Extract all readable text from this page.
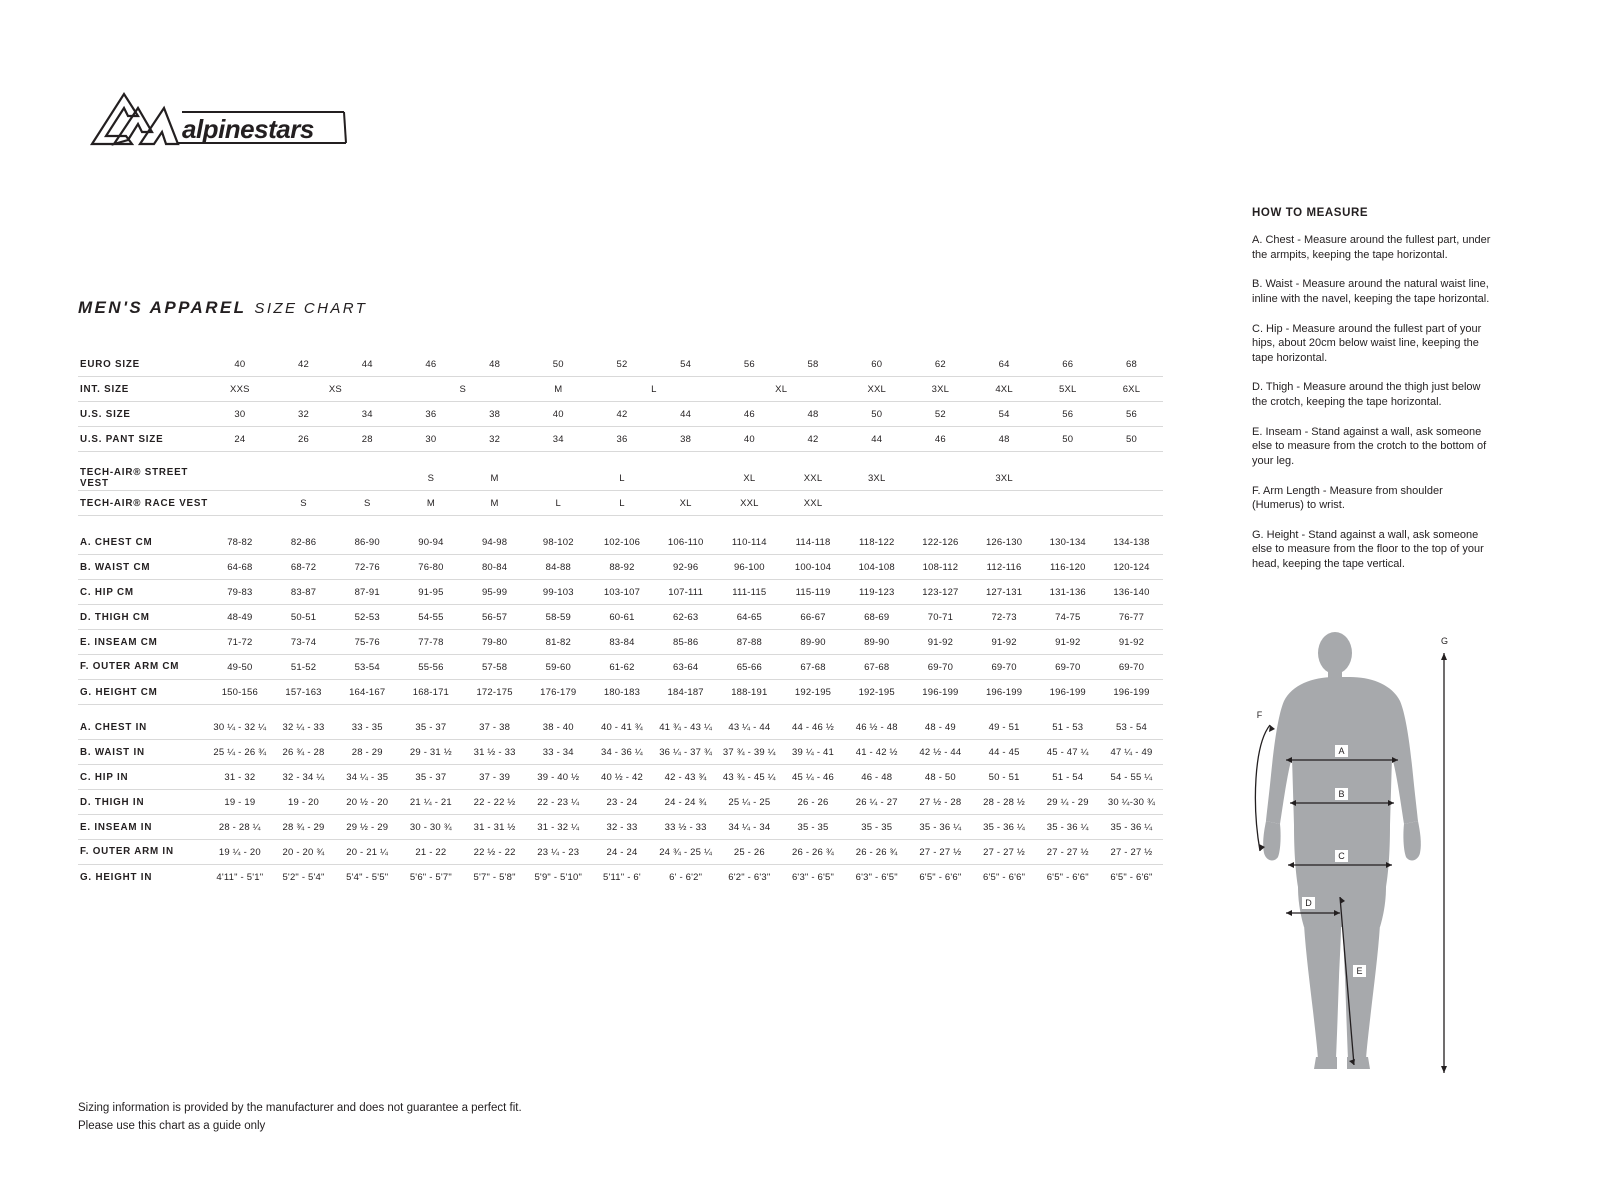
alpinestars
MEN'S APPAREL SIZE CHART
EURO SIZE	40	42	44	46	48	50	52	54	56	58	60	62	64	66	68
INT. SIZE	XXS	XS		S		M	L		XL		XXL	3XL	4XL	5XL	6XL
U.S. SIZE	30	32	34	36	38	40	42	44	46	48	50	52	54	56	56
U.S. PANT SIZE	24	26	28	30	32	34	36	38	40	42	44	46	48	50	50

TECH-AIR® STREET VEST				S	M		L		XL	XXL	3XL		3XL		
TECH-AIR® RACE VEST		S	S	M	M	L	L	XL	XXL	XXL					

A. CHEST CM	78-82	82-86	86-90	90-94	94-98	98-102	102-106	106-110	110-114	114-118	118-122	122-126	126-130	130-134	134-138
B. WAIST CM	64-68	68-72	72-76	76-80	80-84	84-88	88-92	92-96	96-100	100-104	104-108	108-112	112-116	116-120	120-124
C. HIP CM	79-83	83-87	87-91	91-95	95-99	99-103	103-107	107-111	111-115	115-119	119-123	123-127	127-131	131-136	136-140
D. THIGH CM	48-49	50-51	52-53	54-55	56-57	58-59	60-61	62-63	64-65	66-67	68-69	70-71	72-73	74-75	76-77
E. INSEAM CM	71-72	73-74	75-76	77-78	79-80	81-82	83-84	85-86	87-88	89-90	89-90	91-92	91-92	91-92	91-92
F. OUTER ARM CM	49-50	51-52	53-54	55-56	57-58	59-60	61-62	63-64	65-66	67-68	67-68	69-70	69-70	69-70	69-70
G. HEIGHT CM	150-156	157-163	164-167	168-171	172-175	176-179	180-183	184-187	188-191	192-195	192-195	196-199	196-199	196-199	196-199

A. CHEST IN	30 ¼ - 32 ¼	32 ¼ - 33	33 - 35	35 - 37	37 - 38	38 - 40	40 - 41 ¾	41 ¾ - 43 ¼	43 ¼ - 44	44 - 46 ½	46 ½ - 48	48 - 49	49 - 51	51 - 53	53 - 54
B. WAIST IN	25 ¼ - 26 ¾	26 ¾ - 28	28 - 29	29 - 31 ½	31 ½ - 33	33 - 34	34 - 36 ¼	36 ¼ - 37 ¾	37 ¾ - 39 ¼	39 ¼ - 41	41 - 42 ½	42 ½ - 44	44 - 45	45 - 47 ¼	47 ¼ - 49
C. HIP IN	31 - 32	32 - 34 ¼	34 ¼ - 35	35 - 37	37 - 39	39 - 40 ½	40 ½ - 42	42 - 43 ¾	43 ¾ - 45 ¼	45 ¼ - 46	46 - 48	48 - 50	50 - 51	51 - 54	54 - 55 ¼
D. THIGH IN	19 - 19	19 - 20	20 ½ - 20	21 ¼ - 21	22 - 22 ½	22 - 23 ¼	23 - 24	24 - 24 ¾	25 ¼ - 25	26 - 26	26 ¼ - 27	27 ½ - 28	28 - 28 ½	29 ¼ - 29	30 ¼-30 ¾
E. INSEAM IN	28 - 28 ¼	28 ¾ - 29	29 ½ - 29	30 - 30 ¾	31 - 31 ½	31 - 32 ¼	32 - 33	33 ½ - 33	34 ¼ - 34	35 - 35	35 - 35	35 - 36 ¼	35 - 36 ¼	35 - 36 ¼	35 - 36 ¼
F. OUTER ARM IN	19 ¼ - 20	20 - 20 ¾	20 - 21 ¼	21 - 22	22 ½ - 22	23 ¼ - 23	24 - 24	24 ¾ - 25 ¼	25 - 26	26 - 26 ¾	26 - 26 ¾	27 - 27 ½	27 - 27 ½	27 - 27 ½	27 - 27 ½
G. HEIGHT IN	4'11" - 5'1"	5'2" - 5'4"	5'4" - 5'5"	5'6" - 5'7"	5'7" - 5'8"	5'9" - 5'10"	5'11" - 6'	6' - 6'2"	6'2" - 6'3"	6'3" - 6'5"	6'3" - 6'5"	6'5" - 6'6"	6'5" - 6'6"	6'5" - 6'6"	6'5" - 6'6"
Sizing information is provided by the manufacturer and does not guarantee a perfect fit.
Please use this chart as a guide only
HOW TO MEASURE

A. Chest - Measure around the fullest part, under the armpits, keeping the tape horizontal.

B. Waist - Measure around the natural waist line, inline with the navel, keeping the tape horizontal.

C. Hip - Measure around the fullest part of your hips, about 20cm below waist line, keeping the tape horizontal.

D. Thigh - Measure around the thigh just below the crotch, keeping the tape horizontal.

E. Inseam - Stand against a wall, ask someone else to measure from the crotch to the bottom of your leg.

F. Arm Length - Measure from shoulder (Humerus) to wrist.

G. Height - Stand against a wall, ask someone else to measure from the floor to the top of your head, keeping the tape vertical.

A
B
C
D
E
F
G
